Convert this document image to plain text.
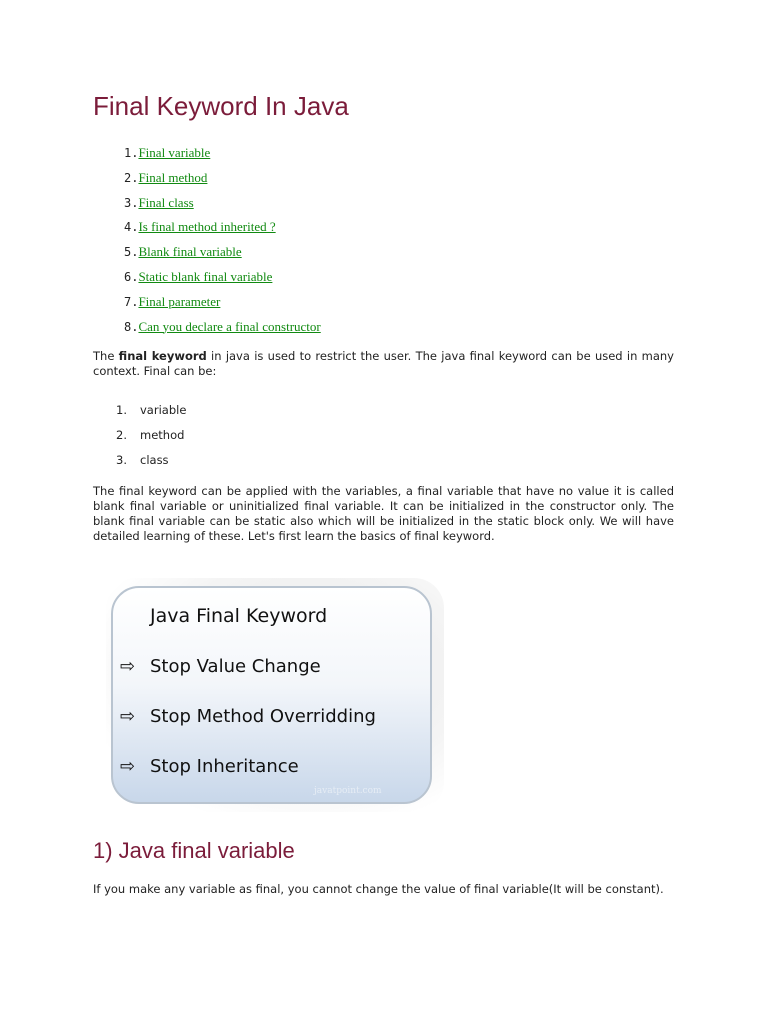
Final Keyword In Java
1.Final variable
2.Final method
3.Final class
4.Is final method inherited ?
5.Blank final variable
6.Static blank final variable
7.Final parameter
8.Can you declare a final constructor

The final keyword in java is used to restrict the user. The java final keyword can be used in many context. Final can be:

1. variable
2. method
3. class

The final keyword can be applied with the variables, a final variable that have no value it is called blank final variable or uninitialized final variable. It can be initialized in the constructor only. The blank final variable can be static also which will be initialized in the static block only. We will have detailed learning of these. Let's first learn the basics of final keyword.

Java Final Keyword
⇨ Stop Value Change
⇨ Stop Method Overridding
⇨ Stop Inheritance
javatpoint.com
1) Java final variable

If you make any variable as final, you cannot change the value of final variable(It will be constant).
